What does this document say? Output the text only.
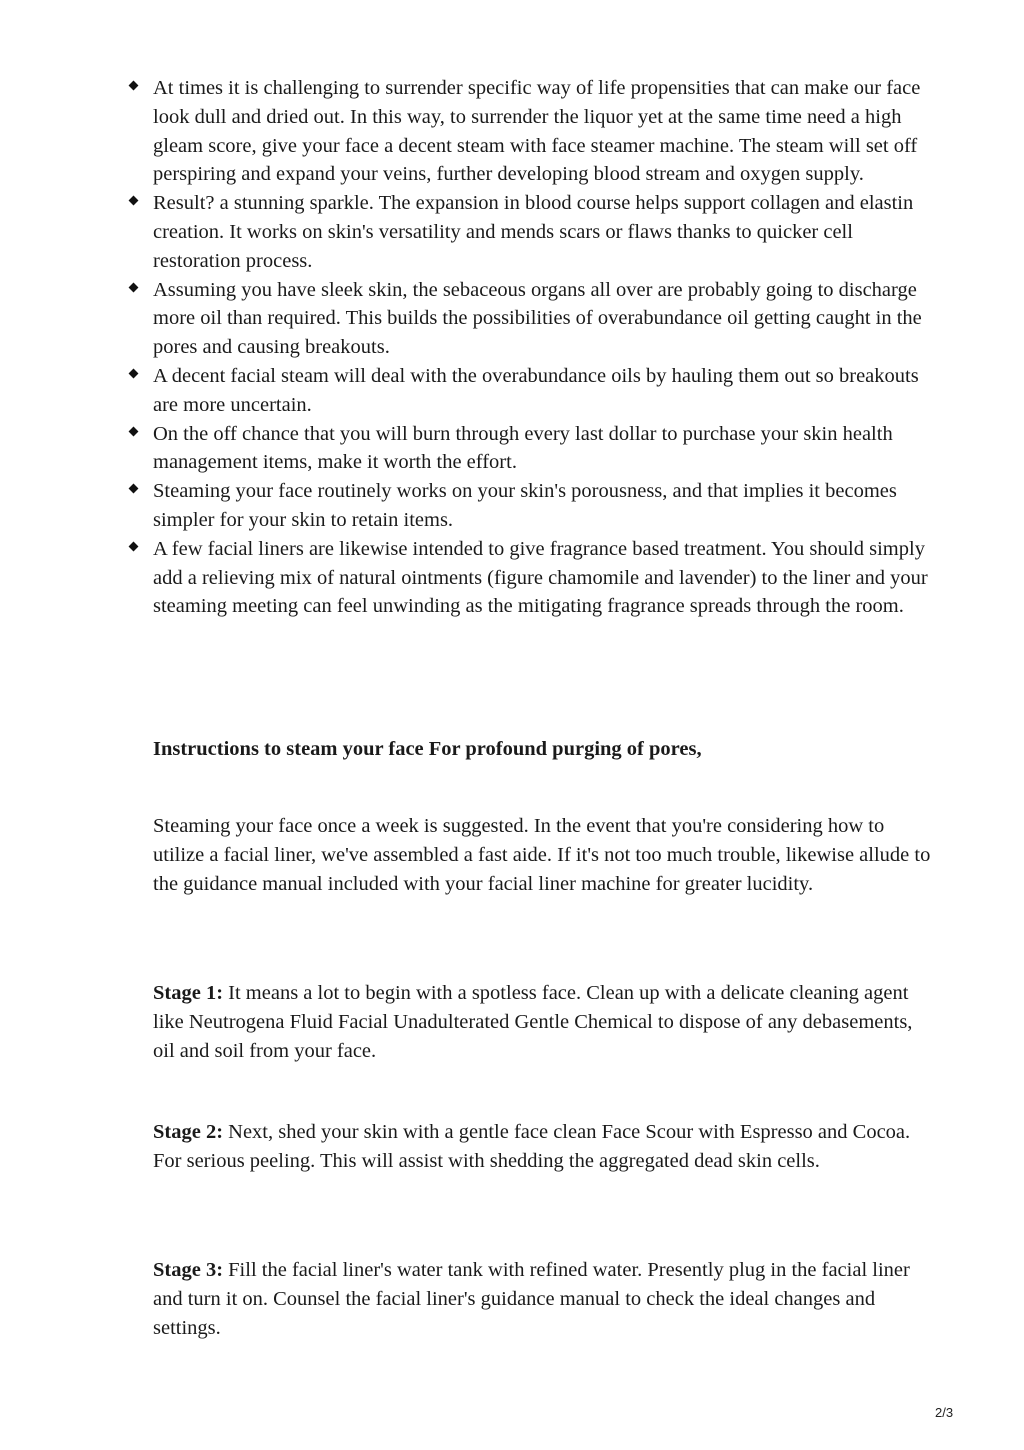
At times it is challenging to surrender specific way of life propensities that can make our face look dull and dried out. In this way, to surrender the liquor yet at the same time need a high gleam score, give your face a decent steam with face steamer machine. The steam will set off perspiring and expand your veins, further developing blood stream and oxygen supply.
Result? a stunning sparkle. The expansion in blood course helps support collagen and elastin creation. It works on skin's versatility and mends scars or flaws thanks to quicker cell restoration process.
Assuming you have sleek skin, the sebaceous organs all over are probably going to discharge more oil than required. This builds the possibilities of overabundance oil getting caught in the pores and causing breakouts.
A decent facial steam will deal with the overabundance oils by hauling them out so breakouts are more uncertain.
On the off chance that you will burn through every last dollar to purchase your skin health management items, make it worth the effort.
Steaming your face routinely works on your skin's porousness, and that implies it becomes simpler for your skin to retain items.
A few facial liners are likewise intended to give fragrance based treatment. You should simply add a relieving mix of natural ointments (figure chamomile and lavender) to the liner and your steaming meeting can feel unwinding as the mitigating fragrance spreads through the room.

Instructions to steam your face For profound purging of pores,

Steaming your face once a week is suggested. In the event that you're considering how to utilize a facial liner, we've assembled a fast aide. If it's not too much trouble, likewise allude to the guidance manual included with your facial liner machine for greater lucidity.

Stage 1: It means a lot to begin with a spotless face. Clean up with a delicate cleaning agent like Neutrogena Fluid Facial Unadulterated Gentle Chemical to dispose of any debasements, oil and soil from your face.

Stage 2: Next, shed your skin with a gentle face clean Face Scour with Espresso and Cocoa. For serious peeling. This will assist with shedding the aggregated dead skin cells.

Stage 3: Fill the facial liner's water tank with refined water. Presently plug in the facial liner and turn it on. Counsel the facial liner's guidance manual to check the ideal changes and settings.

2/3
